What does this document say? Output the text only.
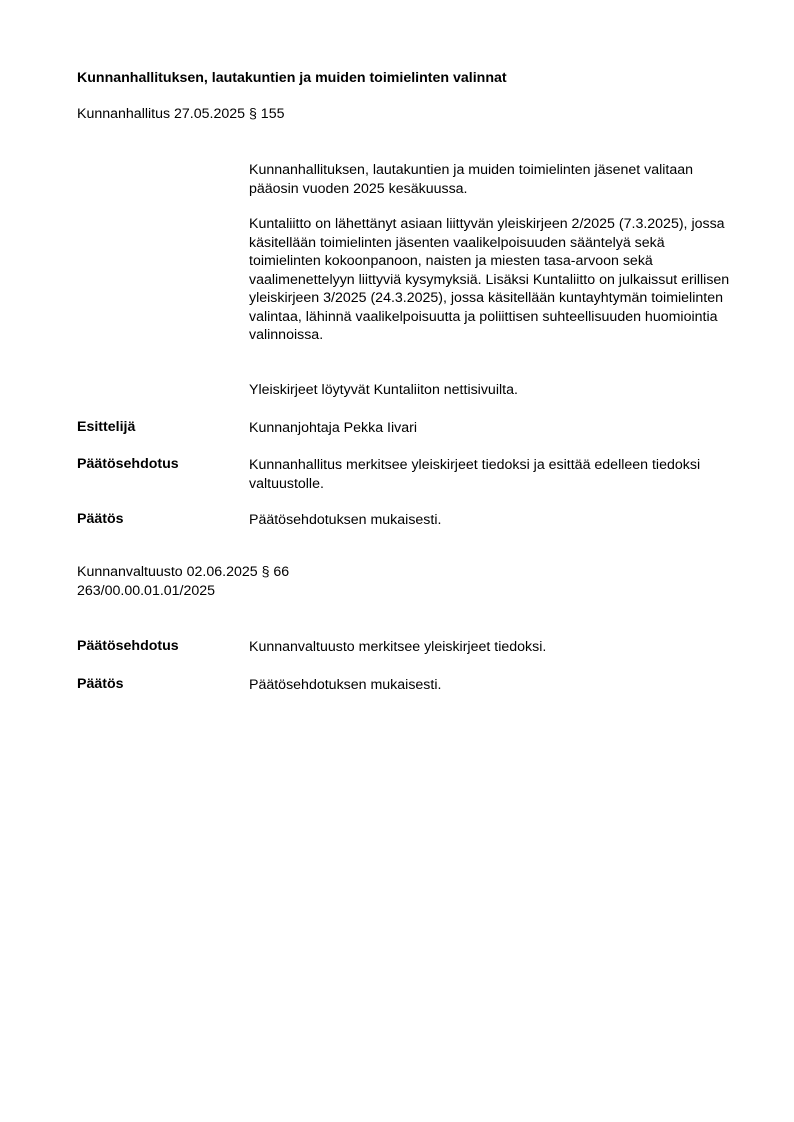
Kunnanhallituksen, lautakuntien ja muiden toimielinten valinnat
Kunnanhallitus 27.05.2025 § 155
Kunnanhallituksen, lautakuntien ja muiden toimielinten jäsenet valitaan pääosin vuoden 2025 kesäkuussa.
Kuntaliitto on lähettänyt asiaan liittyvän yleiskirjeen 2/2025 (7.3.2025), jossa käsitellään toimielinten jäsenten vaalikelpoisuuden sääntelyä sekä toimielinten kokoonpanoon, naisten ja miesten tasa-arvoon sekä vaalimenettelyyn liittyviä kysymyksiä. Lisäksi Kuntaliitto on julkaissut erillisen yleiskirjeen 3/2025 (24.3.2025), jossa käsitellään kuntayhtymän toimielinten valintaa, lähinnä vaalikelpoisuutta ja poliittisen suhteellisuuden huomiointia valinnoissa.
Yleiskirjeet löytyvät Kuntaliiton nettisivuilta.
Esittelijä	Kunnanjohtaja Pekka Iivari
Päätösehdotus	Kunnanhallitus merkitsee yleiskirjeet tiedoksi ja esittää edelleen tiedoksi valtuustolle.
Päätös	Päätösehdotuksen mukaisesti.
Kunnanvaltuusto 02.06.2025 § 66
263/00.00.01.01/2025
Päätösehdotus	Kunnanvaltuusto merkitsee yleiskirjeet tiedoksi.
Päätös	Päätösehdotuksen mukaisesti.
